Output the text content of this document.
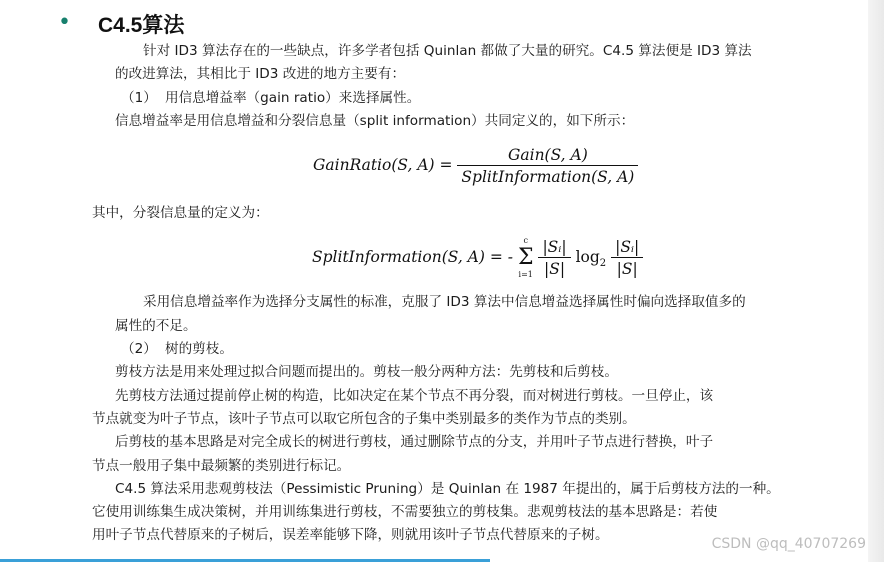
• C4.5算法
针对 ID3 算法存在的一些缺点，许多学者包括 Quinlan 都做了大量的研究。C4.5 算法便是 ID3 算法
的改进算法，其相比于 ID3 改进的地方主要有：
（1） 用信息增益率（gain ratio）来选择属性。
信息增益率是用信息增益和分裂信息量（split information）共同定义的，如下所示：
其中，分裂信息量的定义为：
采用信息增益率作为选择分支属性的标准，克服了 ID3 算法中信息增益选择属性时偏向选择取值多的
属性的不足。
（2） 树的剪枝。
剪枝方法是用来处理过拟合问题而提出的。剪枝一般分两种方法：先剪枝和后剪枝。
先剪枝方法通过提前停止树的构造，比如决定在某个节点不再分裂，而对树进行剪枝。一旦停止，该
节点就变为叶子节点，该叶子节点可以取它所包含的子集中类别最多的类作为节点的类别。
后剪枝的基本思路是对完全成长的树进行剪枝，通过删除节点的分支，并用叶子节点进行替换，叶子
节点一般用子集中最频繁的类别进行标记。
C4.5 算法采用悲观剪枝法（Pessimistic Pruning）是 Quinlan 在 1987 年提出的，属于后剪枝方法的一种。
它使用训练集生成决策树，并用训练集进行剪枝，不需要独立的剪枝集。悲观剪枝法的基本思路是：若使
用叶子节点代替原来的子树后，误差率能够下降，则就用该叶子节点代替原来的子树。
GainRatio(S, $A) = \frac{\text{Gain(S, A)}}{\text{SplitInformation(S, A)}}$
SplitInformation(S, A) = -
c
Σ
i=1
$\frac{\text{|Sᵢ|}}{|S|} \log_2 \frac{\text{|Sᵢ|}}{|S|}$
CSDN @qq_40707269
